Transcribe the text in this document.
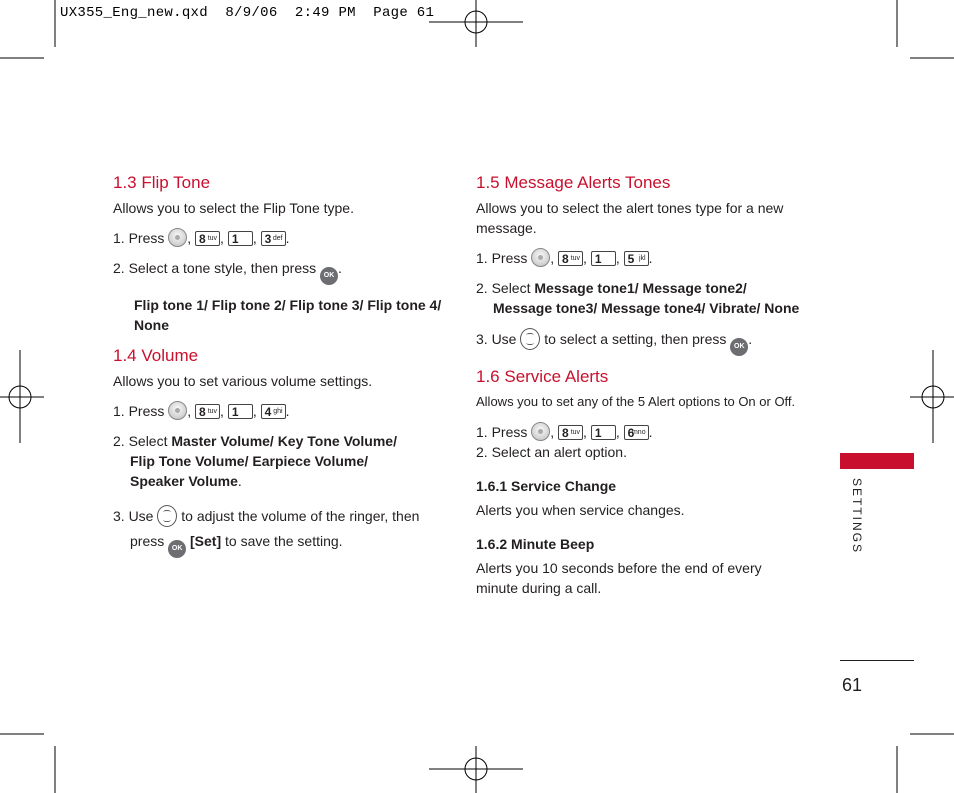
UX355_Eng_new.qxd  8/9/06  2:49 PM  Page 61
1.3 Flip Tone

Allows you to select the Flip Tone type.

1. Press , 8 tuv , 1 , 3 def .

2. Select a tone style, then press OK .

Flip tone 1/ Flip tone 2/ Flip tone 3/ Flip tone 4/ None

1.4 Volume

Allows you to set various volume settings.

1. Press , 8 tuv , 1 , 4 ghi .

2. Select Master Volume/ Key Tone Volume/

Flip Tone Volume/ Earpiece Volume/

Speaker Volume.

3. Use to adjust the volume of the ringer, then

press OK [Set] to save the setting.

1.5 Message Alerts Tones

Allows you to select the alert tones type for a new message.

1. Press , 8 tuv , 1 , 5 jkl .

2. Select Message tone1/ Message tone2/

Message tone3/ Message tone4/ Vibrate/ None

3. Use to select a setting, then press OK .

1.6 Service Alerts

Allows you to set any of the 5 Alert options to On or Off.

1. Press , 8 tuv , 1 , 6
mno .

2. Select an alert option.

1.6.1 Service Change

Alerts you when service changes.

1.6.2 Minute Beep

Alerts you 10 seconds before the end of every minute during a call.

SETTINGS
61
